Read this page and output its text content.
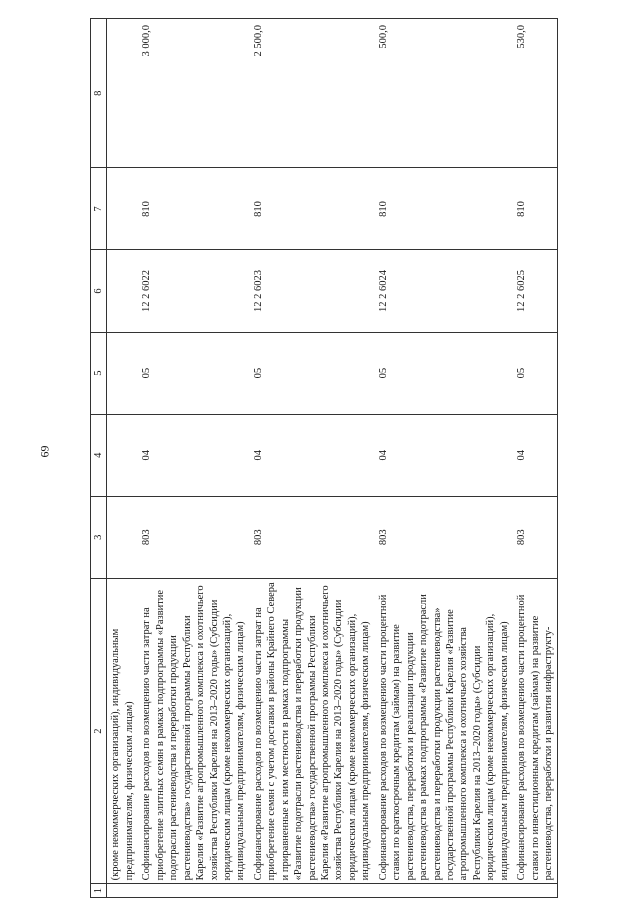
69
1	2	3	4	5	6	7	8
	(кроме некоммерческих организаций), индивидуальным предпринимателям, физическим лицам)						
	Софинансирование расходов по возмещению части затрат на приобретение элитных семян в рамках подпрограммы «Развитие подотрасли растениеводства и переработки продукции растениеводства» государственной программы Республики Карелия «Развитие агропромышленного комплекса и охотничьего хозяйства Республики Карелия на 2013–2020 годы» (Субсидии юридическим лицам (кроме некоммерческих организаций), индивидуальным предпринимателям, физическим лицам)	803	04	05	12 2 6022	810	3 000,0
	Софинансирование расходов по возмещению части затрат на приобретение семян с учетом доставки в районы Крайнего Севера и приравненные к ним местности в рамках подпрограммы «Развитие подотрасли растениеводства и переработки продукции растениеводства» государственной программы Республики Карелия «Развитие агропромышленного комплекса и охотничьего хозяйства Республики Карелия на 2013–2020 годы» (Субсидии юридическим лицам (кроме некоммерческих организаций), индивидуальным предпринимателям, физическим лицам)	803	04	05	12 2 6023	810	2 500,0
	Софинансирование расходов по возмещению части процентной ставки по краткосрочным кредитам (займам) на развитие растениеводства, переработки и реализации продукции растениеводства в рамках подпрограммы «Развитие подотрасли растениеводства и переработки продукции растениеводства» государственной программы Республики Карелия «Развитие агропромышленного комплекса и охотничьего хозяйства Республики Карелия на 2013–2020 годы» (Субсидии юридическим лицам (кроме некоммерческих организаций), индивидуальным предпринимателям, физическим лицам)	803	04	05	12 2 6024	810	500,0
	Софинансирование расходов по возмещению части процентной ставки по инвестиционным кредитам (займам) на развитие растениеводства, переработки и развития инфраструкту-	803	04	05	12 2 6025	810	530,0
